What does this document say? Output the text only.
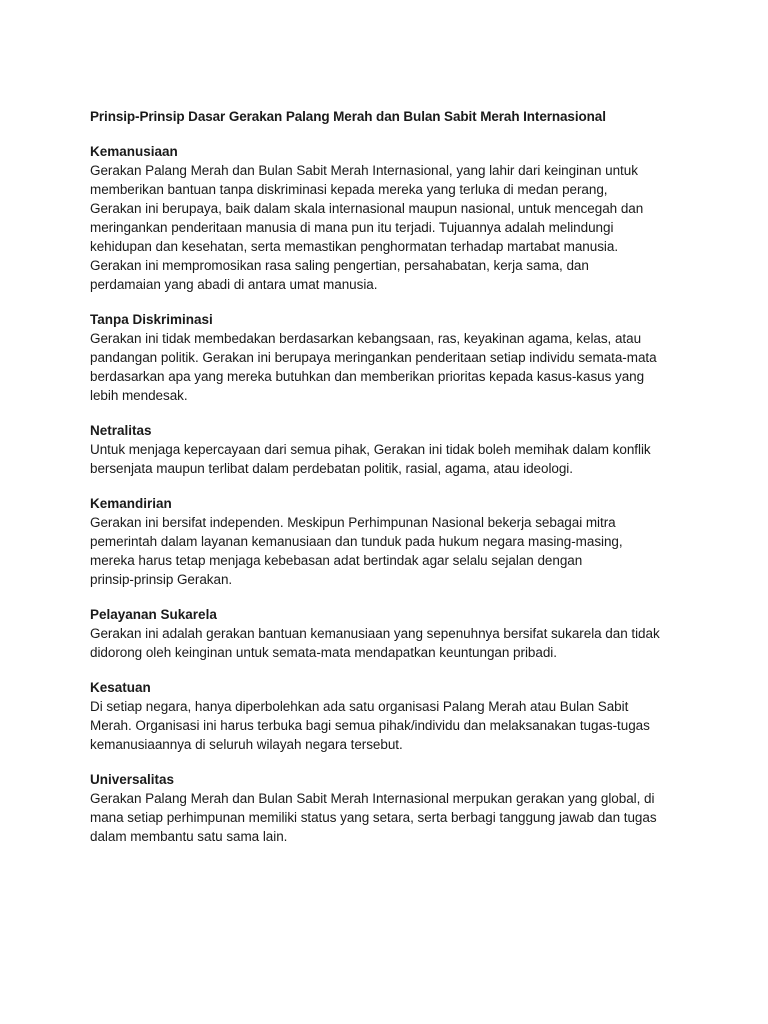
Prinsip-Prinsip Dasar Gerakan Palang Merah dan Bulan Sabit Merah Internasional

Kemanusiaan

Gerakan Palang Merah dan Bulan Sabit Merah Internasional, yang lahir dari keinginan untuk
memberikan bantuan tanpa diskriminasi kepada mereka yang terluka di medan perang,
Gerakan ini berupaya, baik dalam skala internasional maupun nasional, untuk mencegah dan
meringankan penderitaan manusia di mana pun itu terjadi. Tujuannya adalah melindungi
kehidupan dan kesehatan, serta memastikan penghormatan terhadap martabat manusia.
Gerakan ini mempromosikan rasa saling pengertian, persahabatan, kerja sama, dan
perdamaian yang abadi di antara umat manusia.

Tanpa Diskriminasi

Gerakan ini tidak membedakan berdasarkan kebangsaan, ras, keyakinan agama, kelas, atau
pandangan politik. Gerakan ini berupaya meringankan penderitaan setiap individu semata-mata
berdasarkan apa yang mereka butuhkan dan memberikan prioritas kepada kasus-kasus yang
lebih mendesak.

Netralitas

Untuk menjaga kepercayaan dari semua pihak, Gerakan ini tidak boleh memihak dalam konflik
bersenjata maupun terlibat dalam perdebatan politik, rasial, agama, atau ideologi.

Kemandirian

Gerakan ini bersifat independen. Meskipun Perhimpunan Nasional bekerja sebagai mitra
pemerintah dalam layanan kemanusiaan dan tunduk pada hukum negara masing-masing,
mereka harus tetap menjaga kebebasan adat bertindak agar selalu sejalan dengan
prinsip-prinsip Gerakan.

Pelayanan Sukarela

Gerakan ini adalah gerakan bantuan kemanusiaan yang sepenuhnya bersifat sukarela dan tidak
didorong oleh keinginan untuk semata-mata mendapatkan keuntungan pribadi.

Kesatuan

Di setiap negara, hanya diperbolehkan ada satu organisasi Palang Merah atau Bulan Sabit
Merah. Organisasi ini harus terbuka bagi semua pihak/individu dan melaksanakan tugas-tugas
kemanusiaannya di seluruh wilayah negara tersebut.

Universalitas

Gerakan Palang Merah dan Bulan Sabit Merah Internasional merpukan gerakan yang global, di
mana setiap perhimpunan memiliki status yang setara, serta berbagi tanggung jawab dan tugas
dalam membantu satu sama lain.
